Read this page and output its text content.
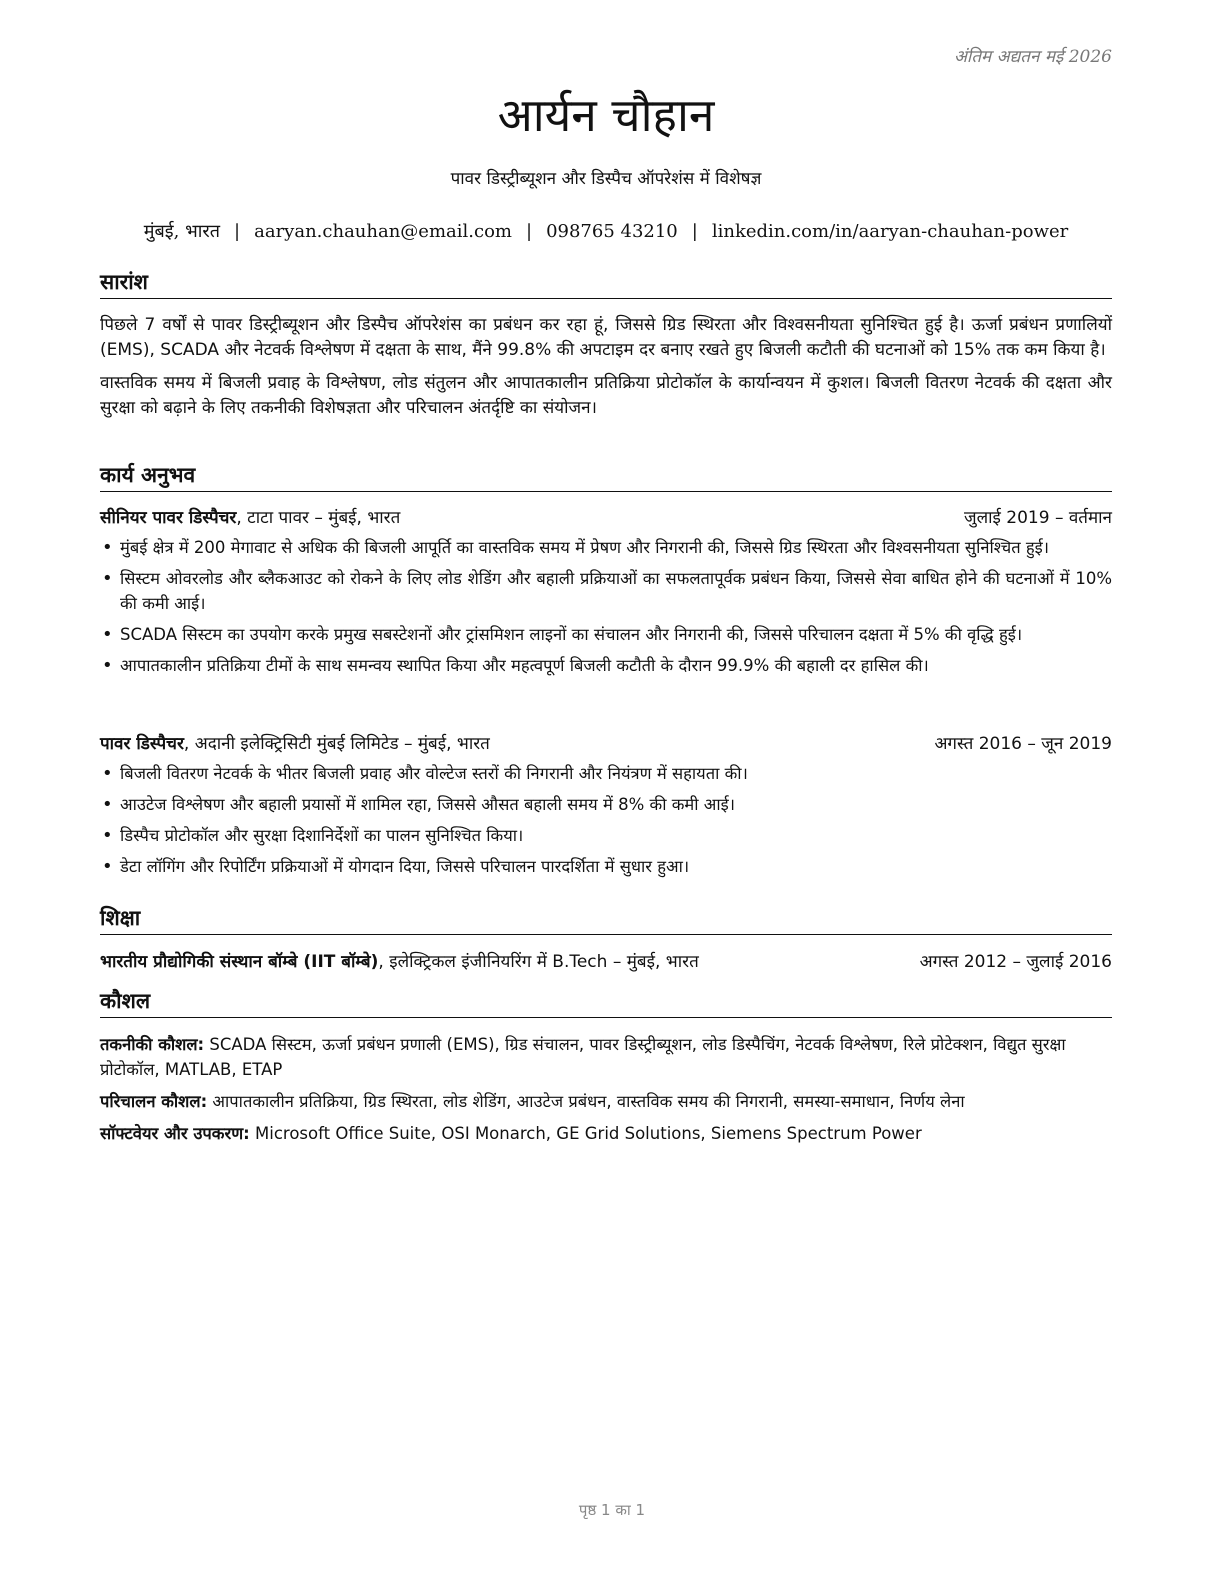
अंतिम अद्यतन मई 2026
आर्यन चौहान
पावर डिस्ट्रीब्यूशन और डिस्पैच ऑपरेशंस में विशेषज्ञ
मुंबई, भारत | aaryan.chauhan@email.com | 098765 43210 | linkedin.com/in/aaryan-chauhan-power
सारांश

पिछले 7 वर्षों से पावर डिस्ट्रीब्यूशन और डिस्पैच ऑपरेशंस का प्रबंधन कर रहा हूं, जिससे ग्रिड स्थिरता और विश्वसनीयता सुनिश्चित हुई है। ऊर्जा प्रबंधन प्रणालियों (EMS), SCADA और नेटवर्क विश्लेषण में दक्षता के साथ, मैंने 99.8% की अपटाइम दर बनाए रखते हुए बिजली कटौती की घटनाओं को 15% तक कम किया है।

वास्तविक समय में बिजली प्रवाह के विश्लेषण, लोड संतुलन और आपातकालीन प्रतिक्रिया प्रोटोकॉल के कार्यान्वयन में कुशल। बिजली वितरण नेटवर्क की दक्षता और सुरक्षा को बढ़ाने के लिए तकनीकी विशेषज्ञता और परिचालन अंतर्दृष्टि का संयोजन।

कार्य अनुभव
सीनियर पावर डिस्पैचर, टाटा पावर – मुंबई, भारत	जुलाई 2019 – वर्तमान
• मुंबई क्षेत्र में 200 मेगावाट से अधिक की बिजली आपूर्ति का वास्तविक समय में प्रेषण और निगरानी की, जिससे ग्रिड स्थिरता और विश्वसनीयता सुनिश्चित हुई।
• सिस्टम ओवरलोड और ब्लैकआउट को रोकने के लिए लोड शेडिंग और बहाली प्रक्रियाओं का सफलतापूर्वक प्रबंधन किया, जिससे सेवा बाधित होने की घटनाओं में 10% की कमी आई।
• SCADA सिस्टम का उपयोग करके प्रमुख सबस्टेशनों और ट्रांसमिशन लाइनों का संचालन और निगरानी की, जिससे परिचालन दक्षता में 5% की वृद्धि हुई।
• आपातकालीन प्रतिक्रिया टीमों के साथ समन्वय स्थापित किया और महत्वपूर्ण बिजली कटौती के दौरान 99.9% की बहाली दर हासिल की।
पावर डिस्पैचर, अदानी इलेक्ट्रिसिटी मुंबई लिमिटेड – मुंबई, भारत	अगस्त 2016 – जून 2019
• बिजली वितरण नेटवर्क के भीतर बिजली प्रवाह और वोल्टेज स्तरों की निगरानी और नियंत्रण में सहायता की।
• आउटेज विश्लेषण और बहाली प्रयासों में शामिल रहा, जिससे औसत बहाली समय में 8% की कमी आई।
• डिस्पैच प्रोटोकॉल और सुरक्षा दिशानिर्देशों का पालन सुनिश्चित किया।
• डेटा लॉगिंग और रिपोर्टिंग प्रक्रियाओं में योगदान दिया, जिससे परिचालन पारदर्शिता में सुधार हुआ।
शिक्षा
भारतीय प्रौद्योगिकी संस्थान बॉम्बे (IIT बॉम्बे), इलेक्ट्रिकल इंजीनियरिंग में B.Tech – मुंबई, भारत	अगस्त 2012 – जुलाई 2016
कौशल
तकनीकी कौशल: SCADA सिस्टम, ऊर्जा प्रबंधन प्रणाली (EMS), ग्रिड संचालन, पावर डिस्ट्रीब्यूशन, लोड डिस्पैचिंग, नेटवर्क विश्लेषण, रिले प्रोटेक्शन, विद्युत सुरक्षा प्रोटोकॉल, MATLAB, ETAP
परिचालन कौशल: आपातकालीन प्रतिक्रिया, ग्रिड स्थिरता, लोड शेडिंग, आउटेज प्रबंधन, वास्तविक समय की निगरानी, समस्या-समाधान, निर्णय लेना
सॉफ्टवेयर और उपकरण: Microsoft Office Suite, OSI Monarch, GE Grid Solutions, Siemens Spectrum Power
पृष्ठ 1 का 1
